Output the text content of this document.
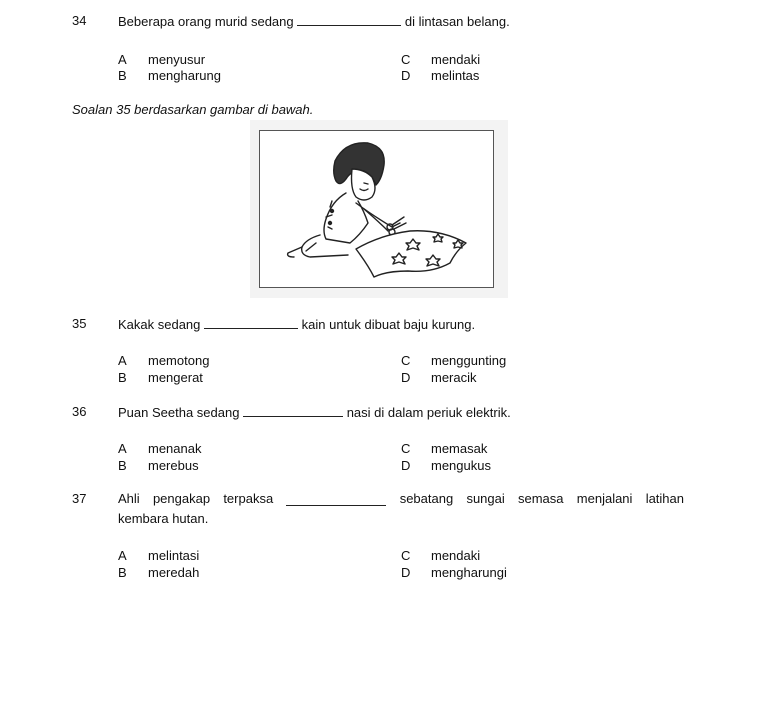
34	Beberapa orang murid sedang	di lintasan belang.
A menyusur
B mengharung
C mendaki
D melintas
Soalan 35 berdasarkan gambar di bawah.
35	Kakak sedang	kain untuk dibuat baju kurung.
A memotong
B mengerat
C menggunting
D meracik
36	Puan Seetha sedang	nasi di dalam periuk elektrik.
A menanak
B merebus
C memasak
D mengukus
37	Ahli pengakap terpaksa	sebatang sungai semasa menjalani latihan
kembara hutan.
A melintasi
B meredah
C mendaki
D mengharungi
